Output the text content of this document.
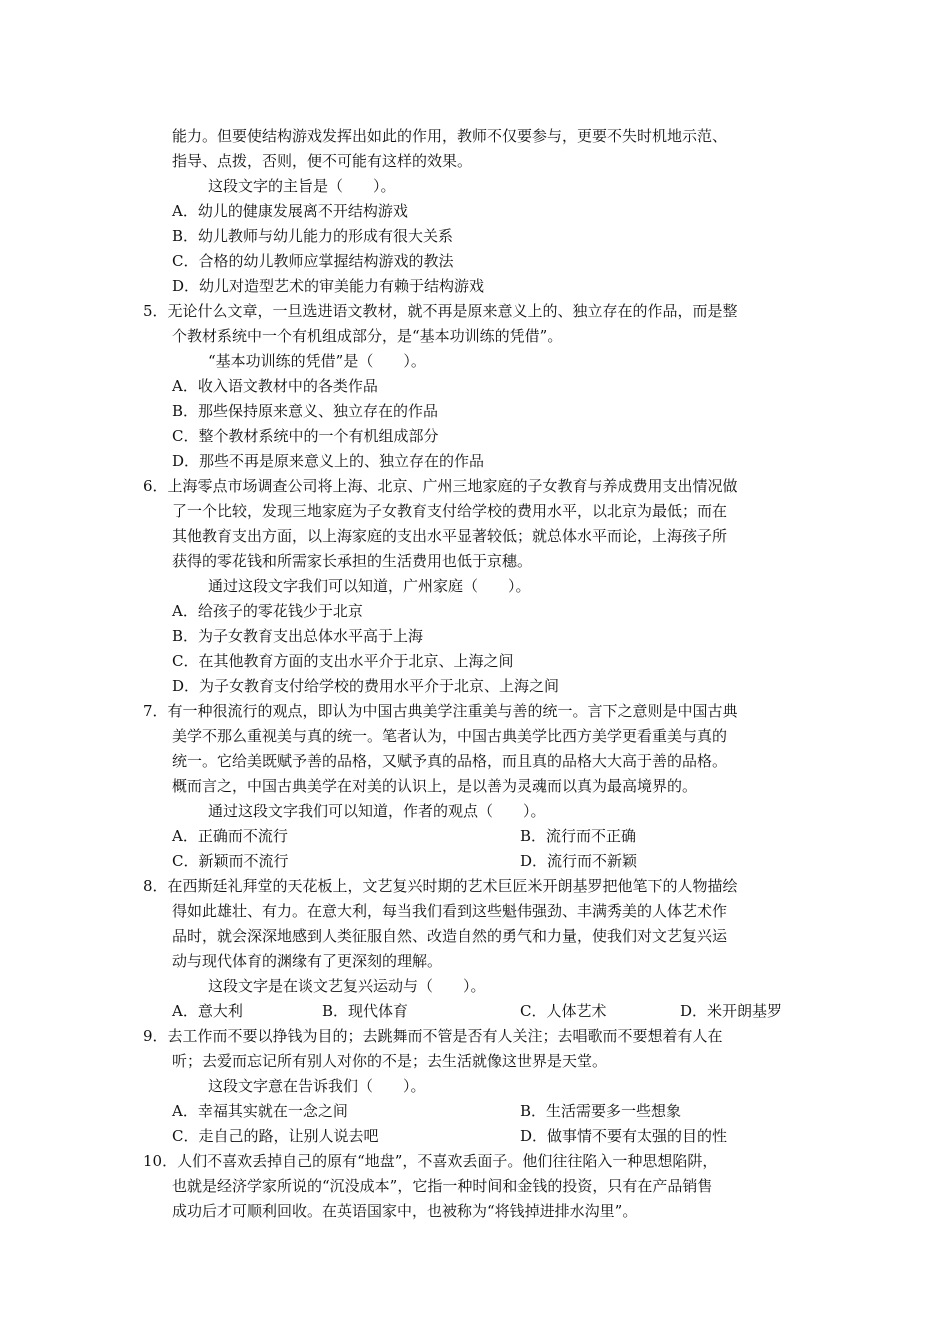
能力。但要使结构游戏发挥出如此的作用，教师不仅要参与，更要不失时机地示范、
指导、点拨，否则，便不可能有这样的效果。
这段文字的主旨是（　　）。
A．幼儿的健康发展离不开结构游戏
B．幼儿教师与幼儿能力的形成有很大关系
C．合格的幼儿教师应掌握结构游戏的教法
D．幼儿对造型艺术的审美能力有赖于结构游戏
5．无论什么文章，一旦选进语文教材，就不再是原来意义上的、独立存在的作品，而是整
个教材系统中一个有机组成部分，是“基本功训练的凭借”。
“基本功训练的凭借”是（　　）。
A．收入语文教材中的各类作品
B．那些保持原来意义、独立存在的作品
C．整个教材系统中的一个有机组成部分
D．那些不再是原来意义上的、独立存在的作品
6．上海零点市场调查公司将上海、北京、广州三地家庭的子女教育与养成费用支出情况做
了一个比较，发现三地家庭为子女教育支付给学校的费用水平，以北京为最低；而在
其他教育支出方面，以上海家庭的支出水平显著较低；就总体水平而论，上海孩子所
获得的零花钱和所需家长承担的生活费用也低于京穗。
通过这段文字我们可以知道，广州家庭（　　）。
A．给孩子的零花钱少于北京
B．为子女教育支出总体水平高于上海
C．在其他教育方面的支出水平介于北京、上海之间
D．为子女教育支付给学校的费用水平介于北京、上海之间
7．有一种很流行的观点，即认为中国古典美学注重美与善的统一。言下之意则是中国古典
美学不那么重视美与真的统一。笔者认为，中国古典美学比西方美学更看重美与真的
统一。它给美既赋予善的品格，又赋予真的品格，而且真的品格大大高于善的品格。
概而言之，中国古典美学在对美的认识上，是以善为灵魂而以真为最高境界的。
通过这段文字我们可以知道，作者的观点（　　）。
A．正确而不流行	B．流行而不正确
C．新颖而不流行	D．流行而不新颖
8．在西斯廷礼拜堂的天花板上，文艺复兴时期的艺术巨匠米开朗基罗把他笔下的人物描绘
得如此雄壮、有力。在意大利，每当我们看到这些魁伟强劲、丰满秀美的人体艺术作
品时，就会深深地感到人类征服自然、改造自然的勇气和力量，使我们对文艺复兴运
动与现代体育的渊缘有了更深刻的理解。
这段文字是在谈文艺复兴运动与（　　）。
A．意大利	B．现代体育	C．人体艺术	D．米开朗基罗
9．去工作而不要以挣钱为目的；去跳舞而不管是否有人关注；去唱歌而不要想着有人在
听；去爱而忘记所有别人对你的不是；去生活就像这世界是天堂。
这段文字意在告诉我们（　　）。
A．幸福其实就在一念之间	B．生活需要多一些想象
C．走自己的路，让别人说去吧	D．做事情不要有太强的目的性
10．人们不喜欢丢掉自己的原有“地盘”，不喜欢丢面子。他们往往陷入一种思想陷阱，
也就是经济学家所说的“沉没成本”，它指一种时间和金钱的投资，只有在产品销售
成功后才可顺利回收。在英语国家中，也被称为“将钱掉进排水沟里”。
